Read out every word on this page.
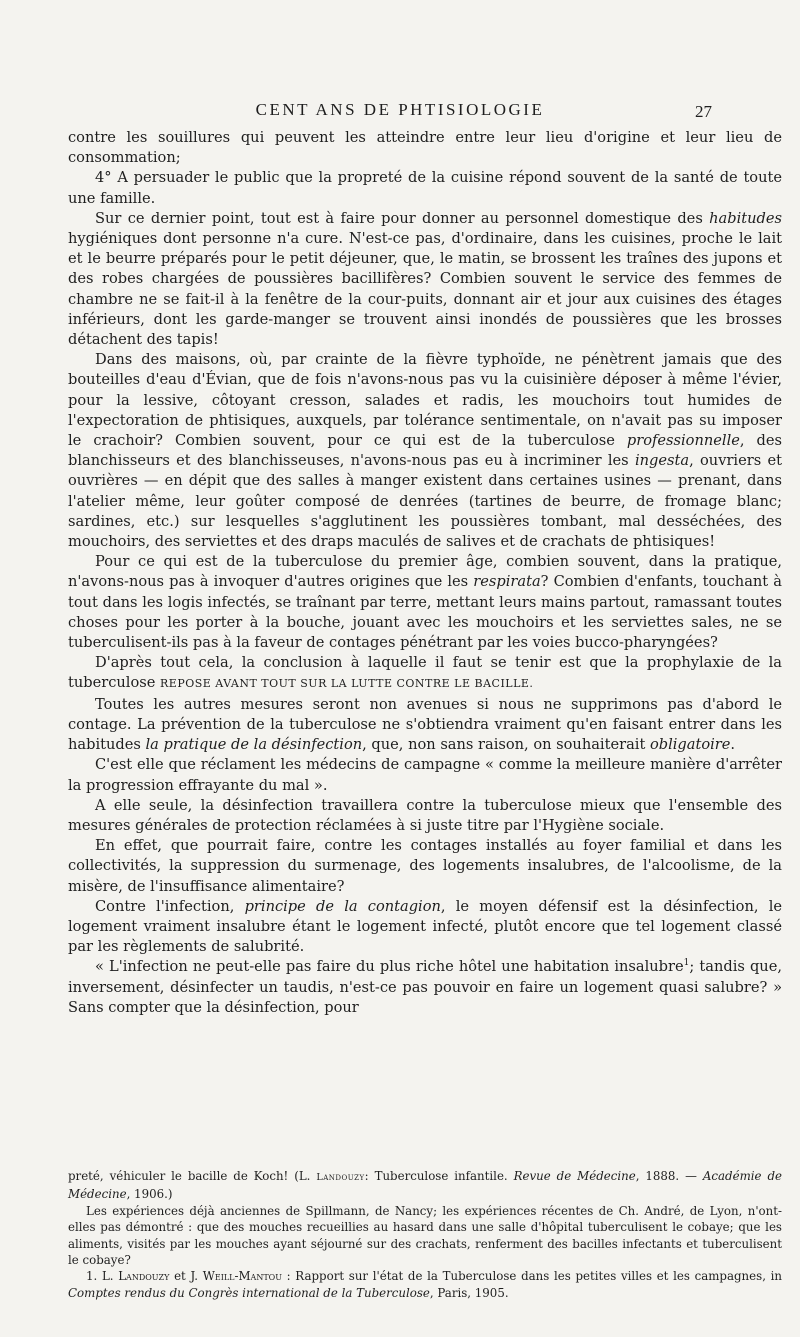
CENT ANS DE PHTISIOLOGIE	27

contre les souillures qui peuvent les atteindre entre leur lieu d'origine et leur lieu de consommation;

4° A persuader le public que la propreté de la cuisine répond souvent de la santé de toute une famille.

Sur ce dernier point, tout est à faire pour donner au personnel domestique des habitudes hygiéniques dont personne n'a cure. N'est-ce pas, d'ordinaire, dans les cuisines, proche le lait et le beurre préparés pour le petit déjeuner, que, le matin, se brossent les traînes des jupons et des robes chargées de poussières bacillifères? Combien souvent le service des femmes de chambre ne se fait-il à la fenêtre de la cour-puits, donnant air et jour aux cuisines des étages inférieurs, dont les garde-manger se trouvent ainsi inondés de poussières que les brosses détachent des tapis!

Dans des maisons, où, par crainte de la fièvre typhoïde, ne pénètrent jamais que des bouteilles d'eau d'Évian, que de fois n'avons-nous pas vu la cuisinière déposer à même l'évier, pour la lessive, côtoyant cresson, salades et radis, les mouchoirs tout humides de l'expectoration de phtisiques, auxquels, par tolérance sentimentale, on n'avait pas su imposer le crachoir? Combien souvent, pour ce qui est de la tuberculose professionnelle, des blanchisseurs et des blanchisseuses, n'avons-nous pas eu à incriminer les ingesta, ouvriers et ouvrières — en dépit que des salles à manger existent dans certaines usines — prenant, dans l'atelier même, leur goûter composé de denrées (tartines de beurre, de fromage blanc; sardines, etc.) sur lesquelles s'agglutinent les poussières tombant, mal desséchées, des mouchoirs, des serviettes et des draps maculés de salives et de crachats de phtisiques!

Pour ce qui est de la tuberculose du premier âge, combien souvent, dans la pratique, n'avons-nous pas à invoquer d'autres origines que les respirata? Combien d'enfants, touchant à tout dans les logis infectés, se traînant par terre, mettant leurs mains partout, ramassant toutes choses pour les porter à la bouche, jouant avec les mouchoirs et les serviettes sales, ne se tuberculisent-ils pas à la faveur de contages pénétrant par les voies bucco-pharyngées?

D'après tout cela, la conclusion à laquelle il faut se tenir est que la prophylaxie de la tuberculose REPOSE AVANT TOUT SUR LA LUTTE CONTRE LE BACILLE.

Toutes les autres mesures seront non avenues si nous ne supprimons pas d'abord le contage. La prévention de la tuberculose ne s'obtiendra vraiment qu'en faisant entrer dans les habitudes la pratique de la désinfection, que, non sans raison, on souhaiterait obligatoire.

C'est elle que réclament les médecins de campagne « comme la meilleure manière d'arrêter la progression effrayante du mal ».

A elle seule, la désinfection travaillera contre la tuberculose mieux que l'ensemble des mesures générales de protection réclamées à si juste titre par l'Hygiène sociale.

En effet, que pourrait faire, contre les contages installés au foyer familial et dans les collectivités, la suppression du surmenage, des logements insalubres, de l'alcoolisme, de la misère, de l'insuffisance alimentaire?

Contre l'infection, principe de la contagion, le moyen défensif est la désinfection, le logement vraiment insalubre étant le logement infecté, plutôt encore que tel logement classé par les règlements de salubrité.

« L'infection ne peut-elle pas faire du plus riche hôtel une habitation insalubre$^1$; tandis que, inversement, désinfecter un taudis, n'est-ce pas pouvoir en faire un logement quasi salubre? » Sans compter que la désinfection, pour

preté, véhiculer le bacille de Koch! (L. Landouzy: Tuberculose infantile. Revue de Médecine, 1888. — Académie de Médecine, 1906.)

Les expériences déjà anciennes de Spillmann, de Nancy; les expériences récentes de Ch. André, de Lyon, n'ont-elles pas démontré : que des mouches recueillies au hasard dans une salle d'hôpital tuberculisent le cobaye; que les aliments, visités par les mouches ayant séjourné sur des crachats, renferment des bacilles infectants et tuberculisent le cobaye?

1. L. Landouzy et J. Weill-Mantou : Rapport sur l'état de la Tuberculose dans les petites villes et les campagnes, in Comptes rendus du Congrès international de la Tuberculose, Paris, 1905.
